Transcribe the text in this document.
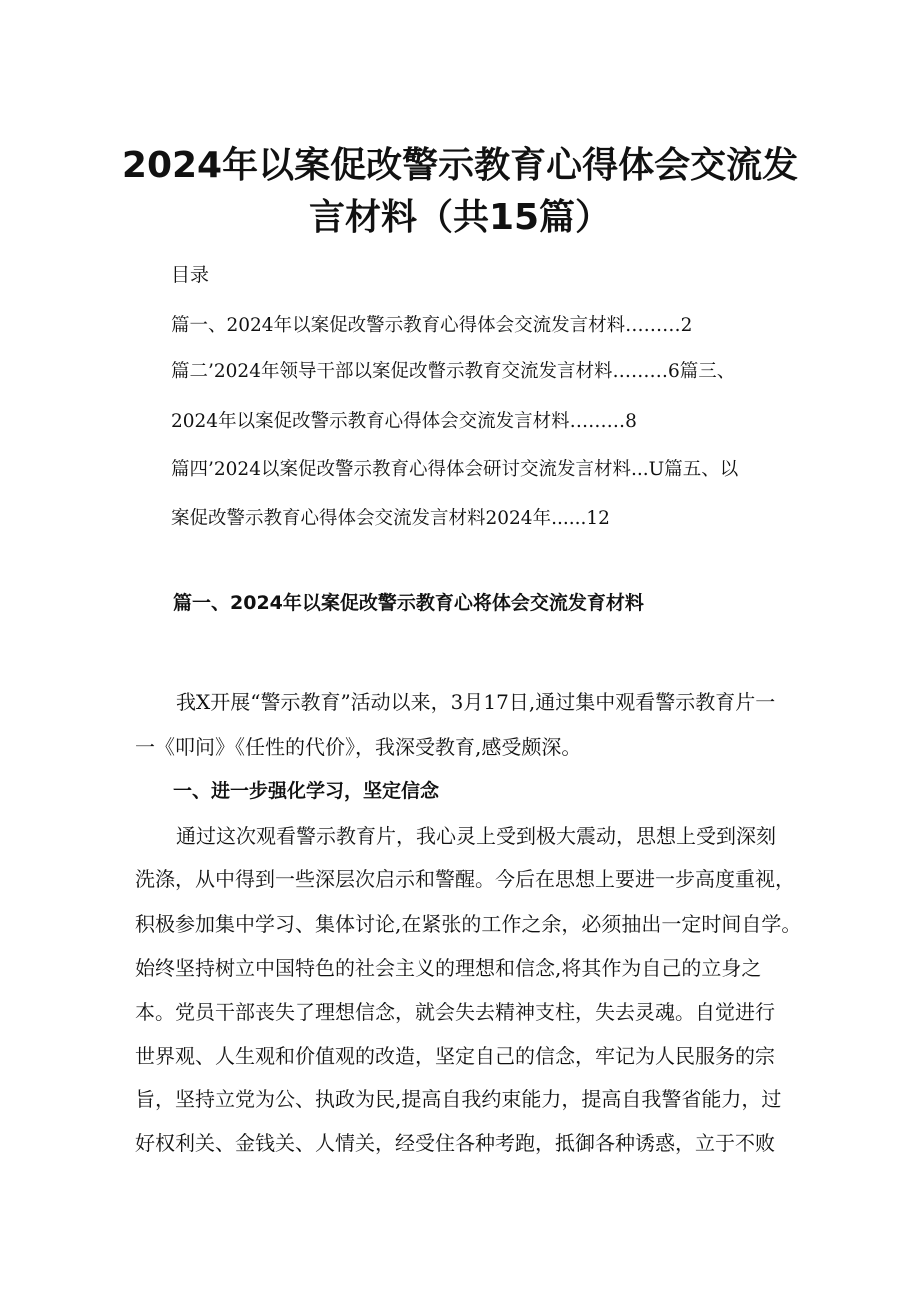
2024年以案促改警示教育心得体会交流发
言材料（共15篇）
目录
篇一、2024年以案促改警示教育心得体会交流发言材料………2
篇二’2024年领导干部以案促改瞥示教育交流发言材料………6篇三、
2024年以案促改警示教育心得体会交流发言材料………8
篇四’2024以案促改警示教育心得体会研讨交流发言材料...U篇五、以
案促改警示教育心得体会交流发言材料2024年......12
篇一、2024年以案促改警示教育心将体会交流发育材料
我X开展“警示教育”活动以来，3月17日,通过集中观看警示教育片一
一《叩问》《任性的代价》，我深受教育,感受颇深。
一、进一步强化学习，坚定信念
通过这次观看警示教育片，我心灵上受到极大震动，思想上受到深刻
洗涤，从中得到一些深层次启示和警醒。今后在思想上要进一步高度重视，
积极参加集中学习、集体讨论,在紧张的工作之余，必须抽出一定时间自学。
始终坚持树立中国特色的社会主义的理想和信念,将其作为自己的立身之
本。党员干部丧失了理想信念，就会失去精神支柱，失去灵魂。自觉进行
世界观、人生观和价值观的改造，坚定自己的信念，牢记为人民服务的宗
旨，坚持立党为公、执政为民,提高自我约束能力，提高自我警省能力，过
好权利关、金钱关、人情关，经受住各种考跑，抵御各种诱惑，立于不败
